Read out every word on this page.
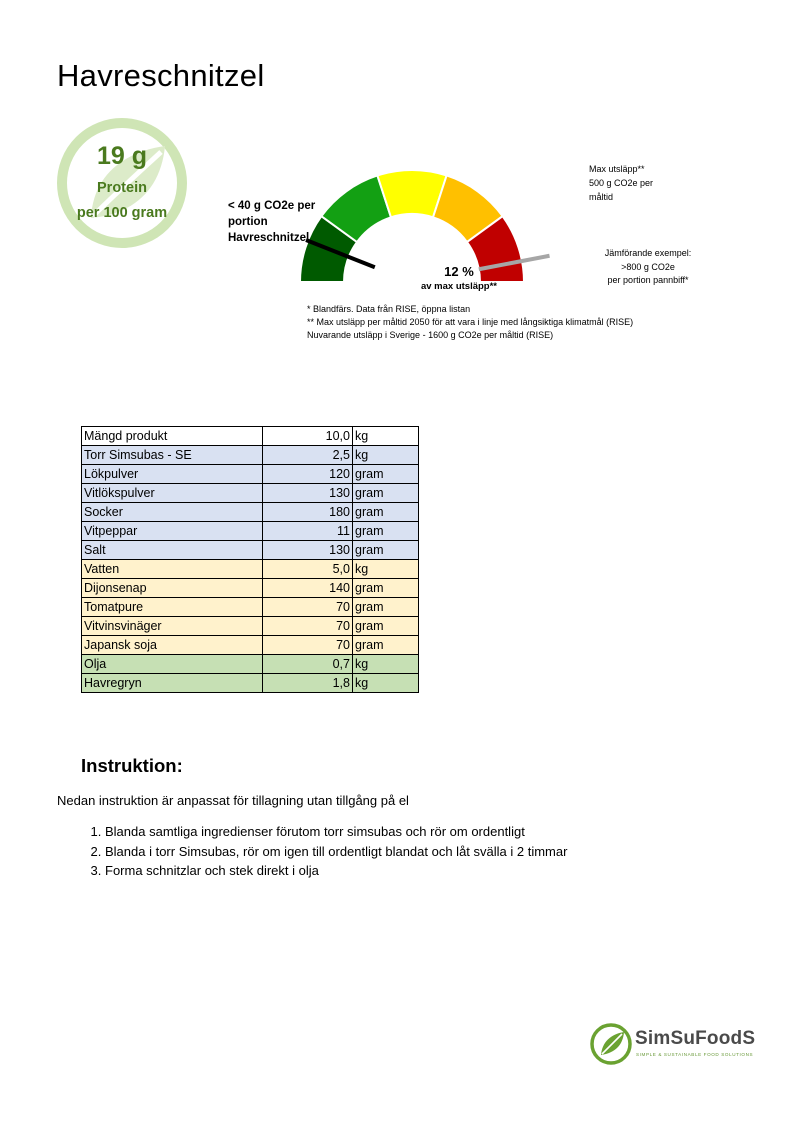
Havreschnitzel
19 g
Protein
per 100 gram	< 40 g CO2e per
portion
Havreschnitzel
12 %
av max utsläpp**
Max utsläpp**
500 g CO2e per
måltid
Jämförande exempel:
>800 g CO2e
per portion pannbiff*
* Blandfärs. Data från RISE, öppna listan
** Max utsläpp per måltid 2050 för att vara i linje med långsiktiga klimatmål (RISE)
Nuvarande utsläpp i Sverige - 1600 g CO2e per måltid (RISE)
Mängd produkt	10,0	kg
Torr Simsubas - SE	2,5	kg
Lökpulver	120	gram
Vitlökspulver	130	gram
Socker	180	gram
Vitpeppar	11	gram
Salt	130	gram
Vatten	5,0	kg
Dijonsenap	140	gram
Tomatpure	70	gram
Vitvinsvinäger	70	gram
Japansk soja	70	gram
Olja	0,7	kg
Havregryn	1,8	kg
Instruktion:
Nedan instruktion är anpassat för tillagning utan tillgång på el
1. Blanda samtliga ingredienser förutom torr simsubas och rör om ordentligt
2. Blanda i torr Simsubas, rör om igen till ordentligt blandat och låt svälla i 2 timmar
3. Forma schnitzlar och stek direkt i olja
SimSuFoodS
SIMPLE & SUSTAINABLE FOOD SOLUTIONS
